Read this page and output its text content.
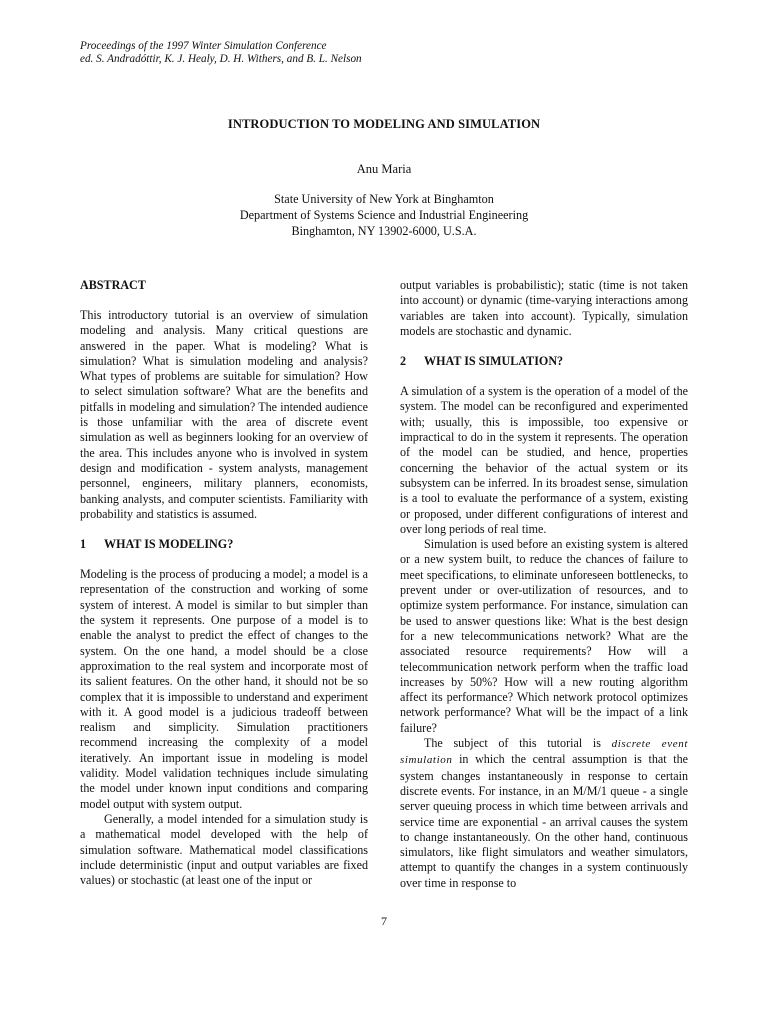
Proceedings of the 1997 Winter Simulation Conference
ed. S. Andradóttir, K. J. Healy, D. H. Withers, and B. L. Nelson
INTRODUCTION TO MODELING AND SIMULATION
Anu Maria
State University of New York at Binghamton
Department of Systems Science and Industrial Engineering
Binghamton, NY 13902-6000, U.S.A.
ABSTRACT

This introductory tutorial is an overview of simulation modeling and analysis. Many critical questions are answered in the paper. What is modeling? What is simulation? What is simulation modeling and analysis? What types of problems are suitable for simulation? How to select simulation software? What are the benefits and pitfalls in modeling and simulation? The intended audience is those unfamiliar with the area of discrete event simulation as well as beginners looking for an overview of the area. This includes anyone who is involved in system design and modification - system analysts, management personnel, engineers, military planners, economists, banking analysts, and computer scientists. Familiarity with probability and statistics is assumed.

1 WHAT IS MODELING?

Modeling is the process of producing a model; a model is a representation of the construction and working of some system of interest. A model is similar to but simpler than the system it represents. One purpose of a model is to enable the analyst to predict the effect of changes to the system. On the one hand, a model should be a close approximation to the real system and incorporate most of its salient features. On the other hand, it should not be so complex that it is impossible to understand and experiment with it. A good model is a judicious tradeoff between realism and simplicity. Simulation practitioners recommend increasing the complexity of a model iteratively. An important issue in modeling is model validity. Model validation techniques include simulating the model under known input conditions and comparing model output with system output.

Generally, a model intended for a simulation study is a mathematical model developed with the help of simulation software. Mathematical model classifications include deterministic (input and output variables are fixed values) or stochastic (at least one of the input or

output variables is probabilistic); static (time is not taken into account) or dynamic (time-varying interactions among variables are taken into account). Typically, simulation models are stochastic and dynamic.

2 WHAT IS SIMULATION?

A simulation of a system is the operation of a model of the system. The model can be reconfigured and experimented with; usually, this is impossible, too expensive or impractical to do in the system it represents. The operation of the model can be studied, and hence, properties concerning the behavior of the actual system or its subsystem can be inferred. In its broadest sense, simulation is a tool to evaluate the performance of a system, existing or proposed, under different configurations of interest and over long periods of real time.

Simulation is used before an existing system is altered or a new system built, to reduce the chances of failure to meet specifications, to eliminate unforeseen bottlenecks, to prevent under or over-utilization of resources, and to optimize system performance. For instance, simulation can be used to answer questions like: What is the best design for a new telecommunications network? What are the associated resource requirements? How will a telecommunication network perform when the traffic load increases by 50%? How will a new routing algorithm affect its performance? Which network protocol optimizes network performance? What will be the impact of a link failure?

The subject of this tutorial is discrete event simulation in which the central assumption is that the system changes instantaneously in response to certain discrete events. For instance, in an M/M/1 queue - a single server queuing process in which time between arrivals and service time are exponential - an arrival causes the system to change instantaneously. On the other hand, continuous simulators, like flight simulators and weather simulators, attempt to quantify the changes in a system continuously over time in response to

7
